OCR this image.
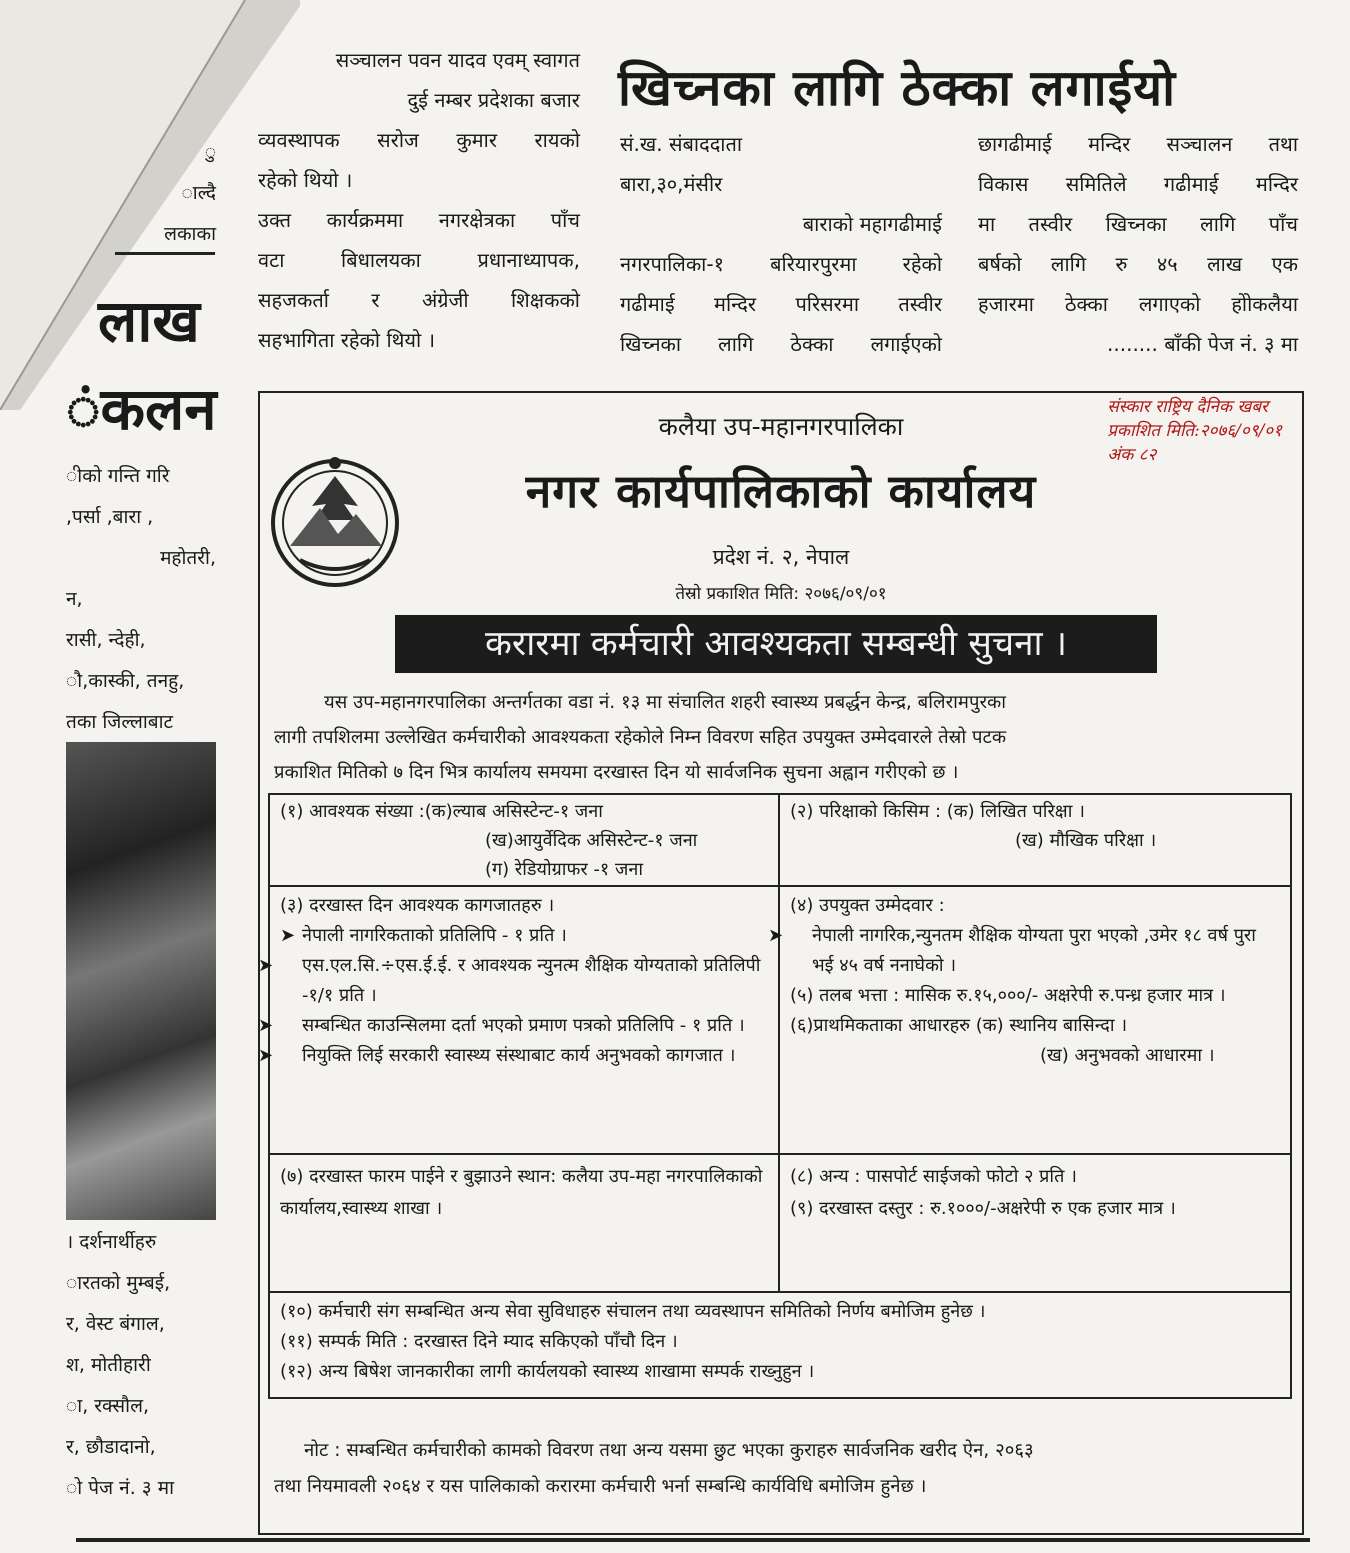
सञ्चालन पवन यादव एवम् स्वागत

दुई नम्बर प्रदेशका बजार

व्यवस्थापक सरोज कुमार रायको

रहेको थियो ।

उक्त कार्यक्रममा नगरक्षेत्रका पाँच

वटा बिधालयका प्रधानाध्यापक,

सहजकर्ता र अंग्रेजी शिक्षकको

सहभागिता रहेको थियो ।

ु

ाल्दै

लकाका

लाख
ंकलन

ीको गन्ति गरि

,पर्सा ,बारा ,

महोतरी,

न,

रासी, न्देही,

ौ,कास्की, तनहु,

तका जिल्लाबाट

। दर्शनार्थीहरु

ारतको मुम्बई,

र, वेस्ट बंगाल,

श, मोतीहारी

ा, रक्सौल,

र, छौडादानो,

ो पेज नं. ३ मा

खिच्नका लागि ठेक्का लगाईयो

सं.ख. संबाददाता

बारा,३०,मंसीर

बाराको महागढीमाई

नगरपालिका-१ बरियारपुरमा रहेको

गढीमाई मन्दिर परिसरमा तस्वीर

खिच्नका लागि ठेक्का लगाईएको

छागढीमाई मन्दिर सञ्चालन तथा

विकास समितिले गढीमाई मन्दिर

मा तस्वीर खिच्नका लागि पाँच

बर्षको लागि रु ४५ लाख एक

हजारमा ठेक्का लगाएको होोकलैया

........ बाँकी पेज नं. ३ मा

कलैया उप-महानगरपालिका
नगर कार्यपालिकाको कार्यालय
प्रदेश नं. २, नेपाल
तेस्रो प्रकाशित मिति: २०७६/०९/०१
करारमा कर्मचारी आवश्यकता सम्बन्धी सुचना ।

यस उप-महानगरपालिका अन्तर्गतका वडा नं. १३ मा संचालित शहरी स्वास्थ्य प्रबर्द्धन केन्द्र, बलिरामपुरका

लागी तपशिलमा उल्लेखित कर्मचारीको आवश्यकता रहेकोले निम्न विवरण सहित उपयुक्त उम्मेदवारले तेस्रो पटक

प्रकाशित मितिको ७ दिन भित्र कार्यालय समयमा दरखास्त दिन यो सार्वजनिक सुचना अह्वान गरीएको छ ।

(१) आवश्यक संख्या :(क)ल्याब असिस्टेन्ट-१ जना

(ख)आयुर्वेदिक असिस्टेन्ट-१ जना

(ग) रेडियोग्राफर -१ जना

(२) परिक्षाको किसिम : (क) लिखित परिक्षा ।

(ख) मौखिक परिक्षा ।

(३) दरखास्त दिन आवश्यक कागजातहरु ।

➤ नेपाली नागरिकताको प्रतिलिपि - १ प्रति ।

➤ एस.एल.सि.÷एस.ई.ई. र आवश्यक न्युनत्म शैक्षिक योग्यताको प्रतिलिपी -१/१ प्रति ।

➤ सम्बन्धित काउन्सिलमा दर्ता भएको प्रमाण पत्रको प्रतिलिपि - १ प्रति ।

➤ नियुक्ति लिई सरकारी स्वास्थ्य संस्थाबाट कार्य अनुभवको कागजात ।

(४) उपयुक्त उम्मेदवार :

➤ नेपाली नागरिक,न्युनतम शैक्षिक योग्यता पुरा भएको ,उमेर १८ वर्ष पुरा भई ४५ वर्ष ननाघेको ।

(५) तलब भत्ता : मासिक रु.१५,०००/- अक्षरेपी रु.पन्ध्र हजार मात्र ।

(६)प्राथमिकताका आधारहरु (क) स्थानिय बासिन्दा ।

(ख) अनुभवको आधारमा ।

(७) दरखास्त फारम पाईने र बुझाउने स्थान: कलैया उप-महा नगरपालिकाको कार्यालय,स्वास्थ्य शाखा ।

(८) अन्य : पासपोर्ट साईजको फोटो २ प्रति ।

(९) दरखास्त दस्तुर : रु.१०००/-अक्षरेपी रु एक हजार मात्र ।

(१०) कर्मचारी संग सम्बन्धित अन्य सेवा सुविधाहरु संचालन तथा व्यवस्थापन समितिको निर्णय बमोजिम हुनेछ ।

(११) सम्पर्क मिति : दरखास्त दिने म्याद सकिएको पाँचौ दिन ।

(१२) अन्य बिषेश जानकारीका लागी कार्यलयको स्वास्थ्य शाखामा सम्पर्क राख्नुहुन ।

नोट : सम्बन्धित कर्मचारीको कामको विवरण तथा अन्य यसमा छुट भएका कुराहरु सार्वजनिक खरीद ऐन, २०६३

तथा नियमावली २०६४ र यस पालिकाको करारमा कर्मचारी भर्ना सम्बन्धि कार्यविधि बमोजिम हुनेछ ।

संस्कार राष्ट्रिय दैनिक खबर

प्रकाशित मिति:२०७६/०९/०१

अंक ८२
